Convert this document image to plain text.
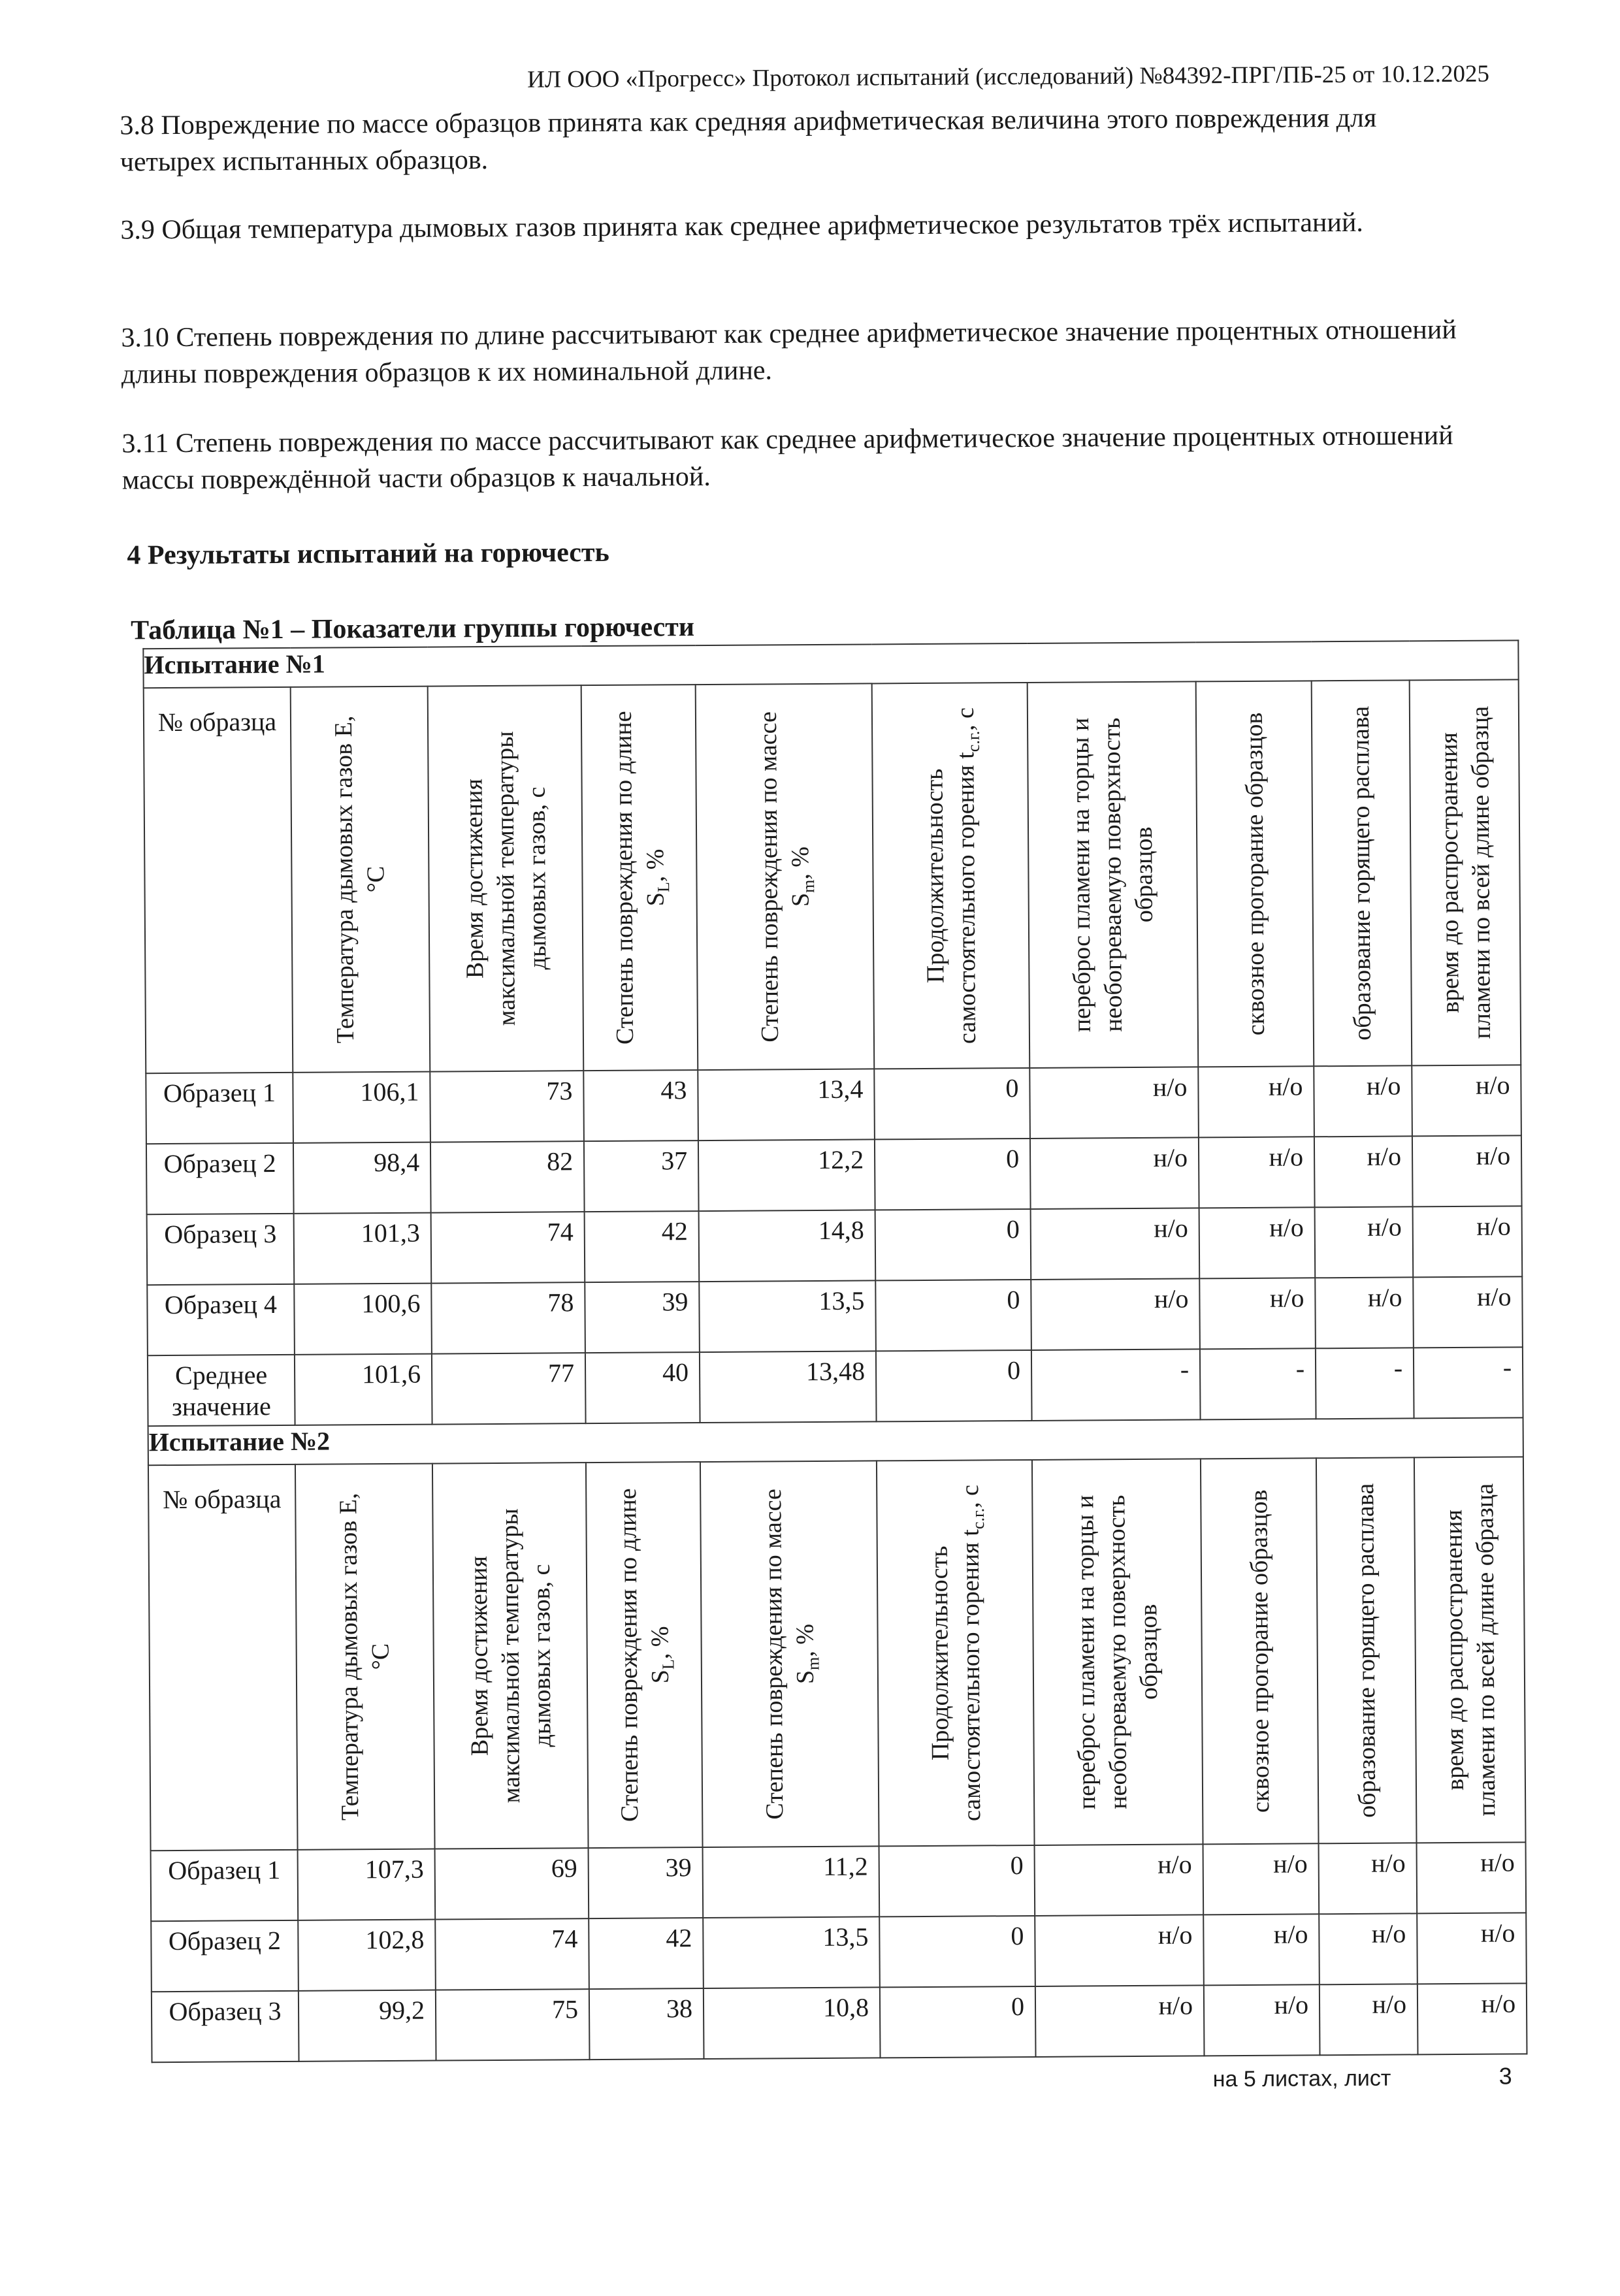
ИЛ ООО «Прогресс» Протокол испытаний (исследований) №84392-ПРГ/ПБ-25 от 10.12.2025
3.8 Повреждение по массе образцов принята как средняя арифметическая величина этого повреждения для четырех испытанных образцов.
3.9 Общая температура дымовых газов принята как среднее арифметическое результатов трёх испытаний.
3.10 Степень повреждения по длине рассчитывают как среднее арифметическое значение процентных отношений длины повреждения образцов к их номинальной длине.
3.11 Степень повреждения по массе рассчитывают как среднее арифметическое значение процентных отношений массы повреждённой части образцов к начальной.
4 Результаты испытаний на горючесть
Таблица №1 – Показатели группы горючести
Испытание №1									
№ образца	Температура дымовых газов E, °C	Время достижения максимальной температуры дымовых газов, с	Степень повреждения по длине $S_L$, %	Степень повреждения по массе $S_m$, %	Продолжительность самостоятельного горения $t_{с.г.}$, с	переброс пламени на торцы и необогреваемую поверхность образцов	сквозное прогорание образцов	образование горящего расплава	время до распространения пламени по всей длине образца

Образец 1	106,1	73	43	13,4	0	н/о	н/о	н/о	н/о
Образец 2	98,4	82	37	12,2	0	н/о	н/о	н/о	н/о
Образец 3	101,3	74	42	14,8	0	н/о	н/о	н/о	н/о
Образец 4	100,6	78	39	13,5	0	н/о	н/о	н/о	н/о
Среднее значение	101,6	77	40	13,48	0	-	-	-	-
Испытание №2									
№ образца	Температура дымовых газов E, °C	Время достижения максимальной температуры дымовых газов, с	Степень повреждения по длине $S_L$, %	Степень повреждения по массе $S_m$, %	Продолжительность самостоятельного горения $t_{с.г.}$, с	переброс пламени на торцы и необогреваемую поверхность образцов	сквозное прогорание образцов	образование горящего расплава	время до распространения пламени по всей длине образца

Образец 1	107,3	69	39	11,2	0	н/о	н/о	н/о	н/о
Образец 2	102,8	74	42	13,5	0	н/о	н/о	н/о	н/о
Образец 3	99,2	75	38	10,8	0	н/о	н/о	н/о	н/о
на 5 листах, лист	3
